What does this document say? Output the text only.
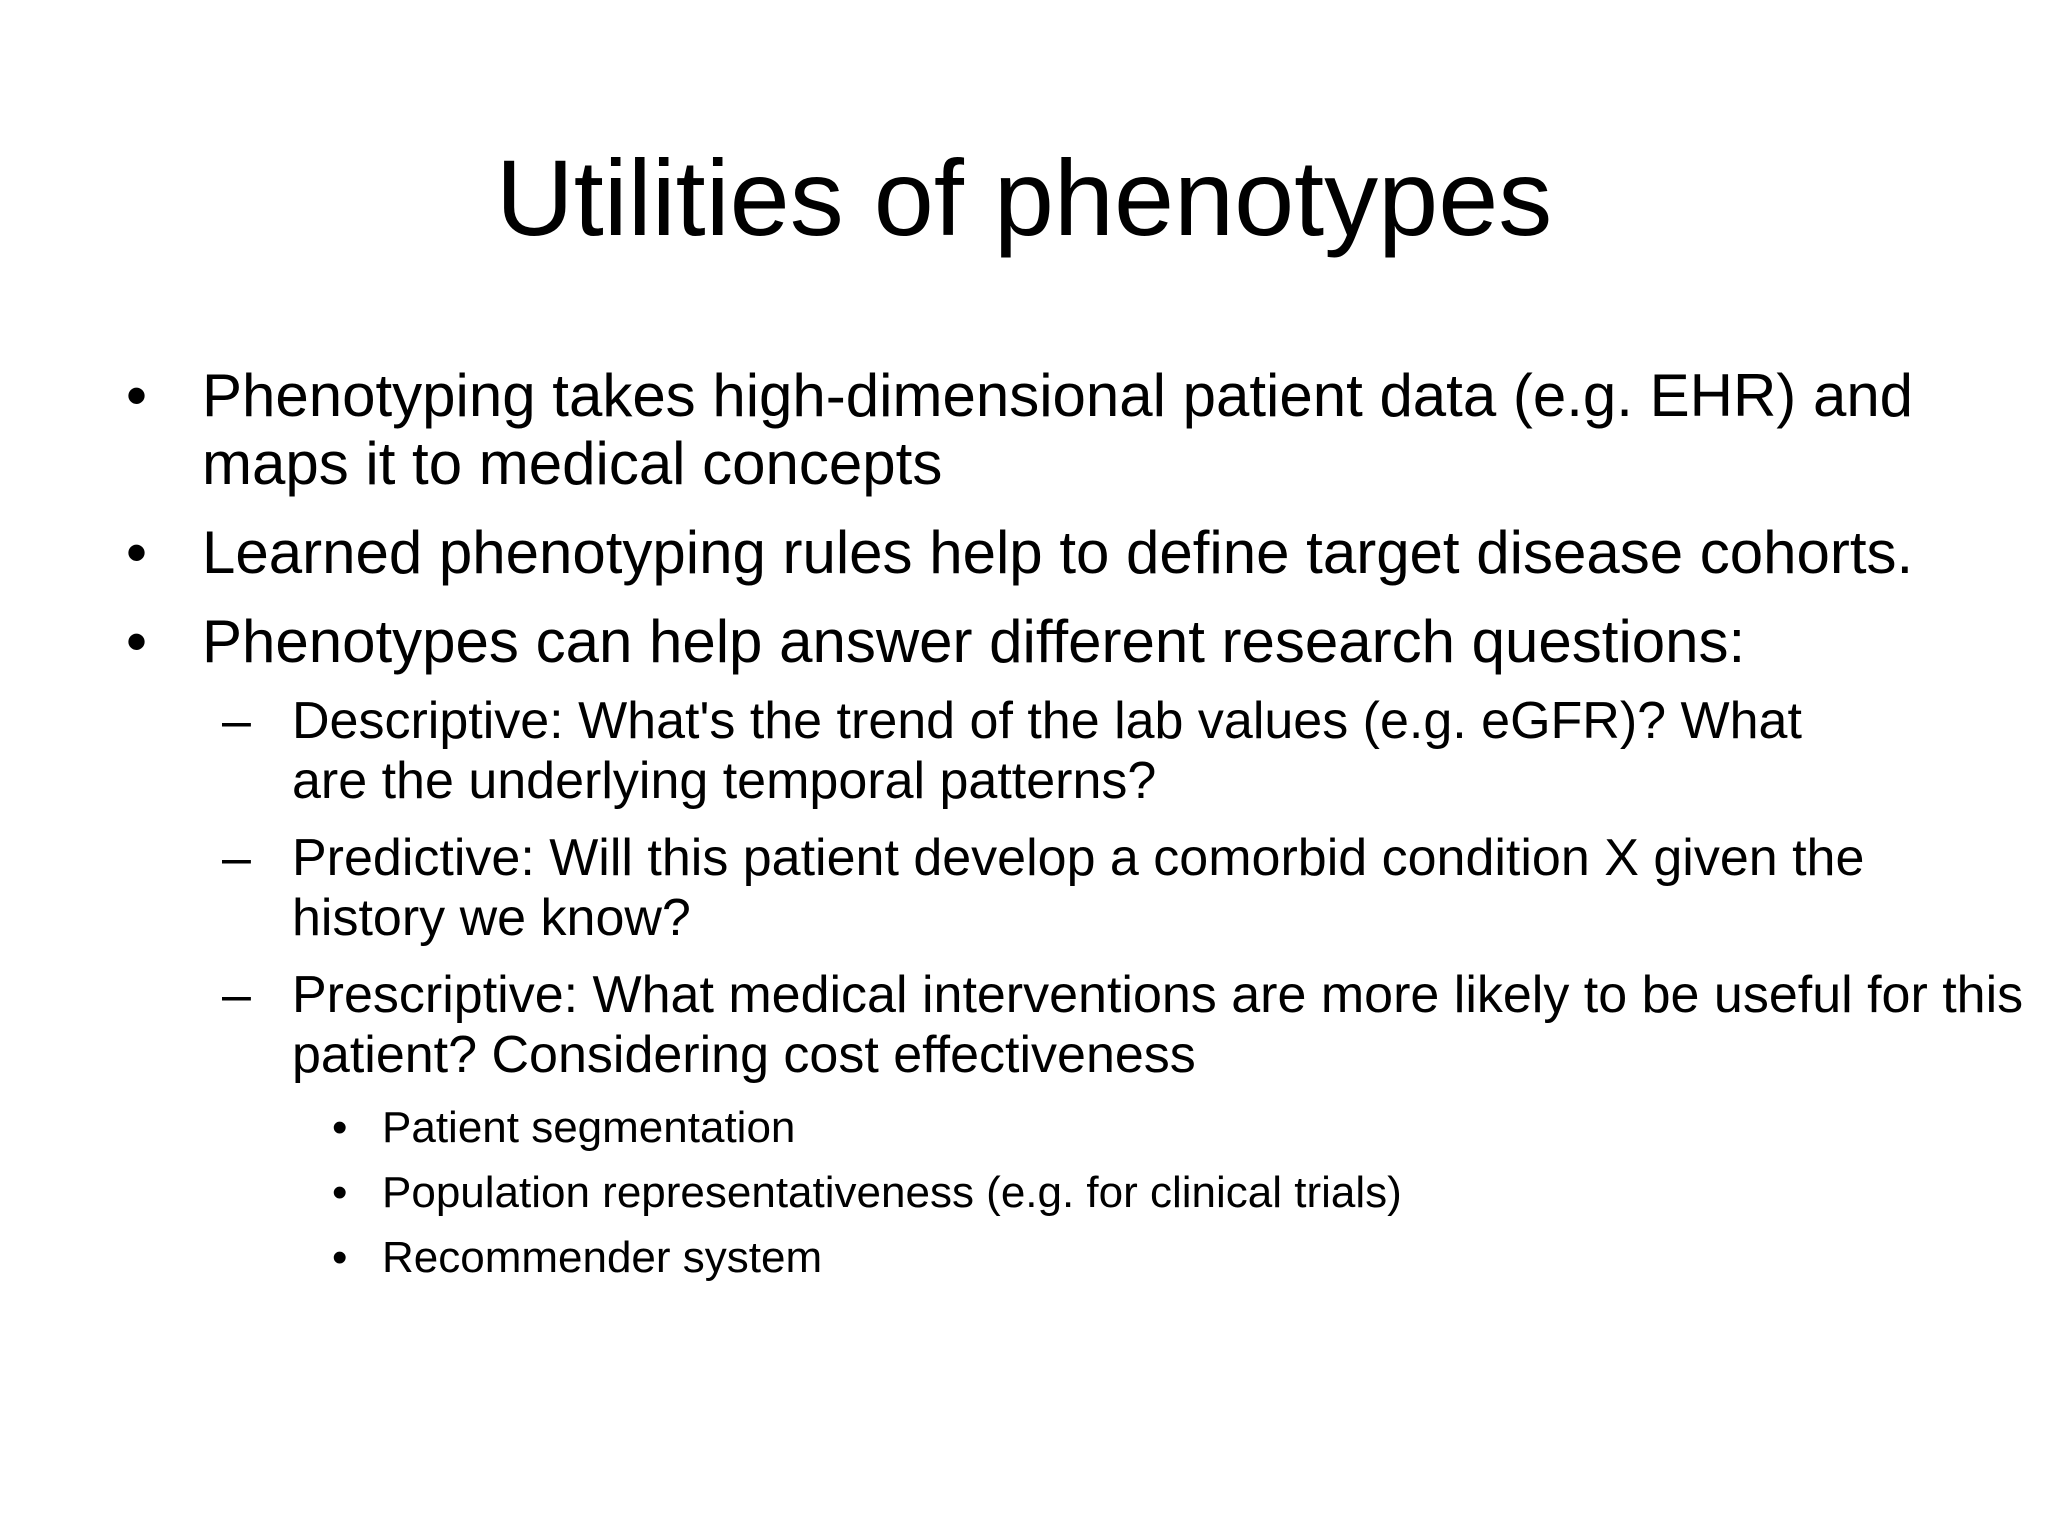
Utilities of phenotypes
• Phenotyping takes high-dimensional patient data (e.g. EHR) and maps it to medical concepts
• Learned phenotyping rules help to define target disease cohorts.
• Phenotypes can help answer different research questions:
– Descriptive: What's the trend of the lab values (e.g. eGFR)? What are the underlying temporal patterns?
– Predictive: Will this patient develop a comorbid condition X given the history we know?
– Prescriptive: What medical interventions are more likely to be useful for this patient? Considering cost effectiveness
• Patient segmentation
• Population representativeness (e.g. for clinical trials)
• Recommender system
